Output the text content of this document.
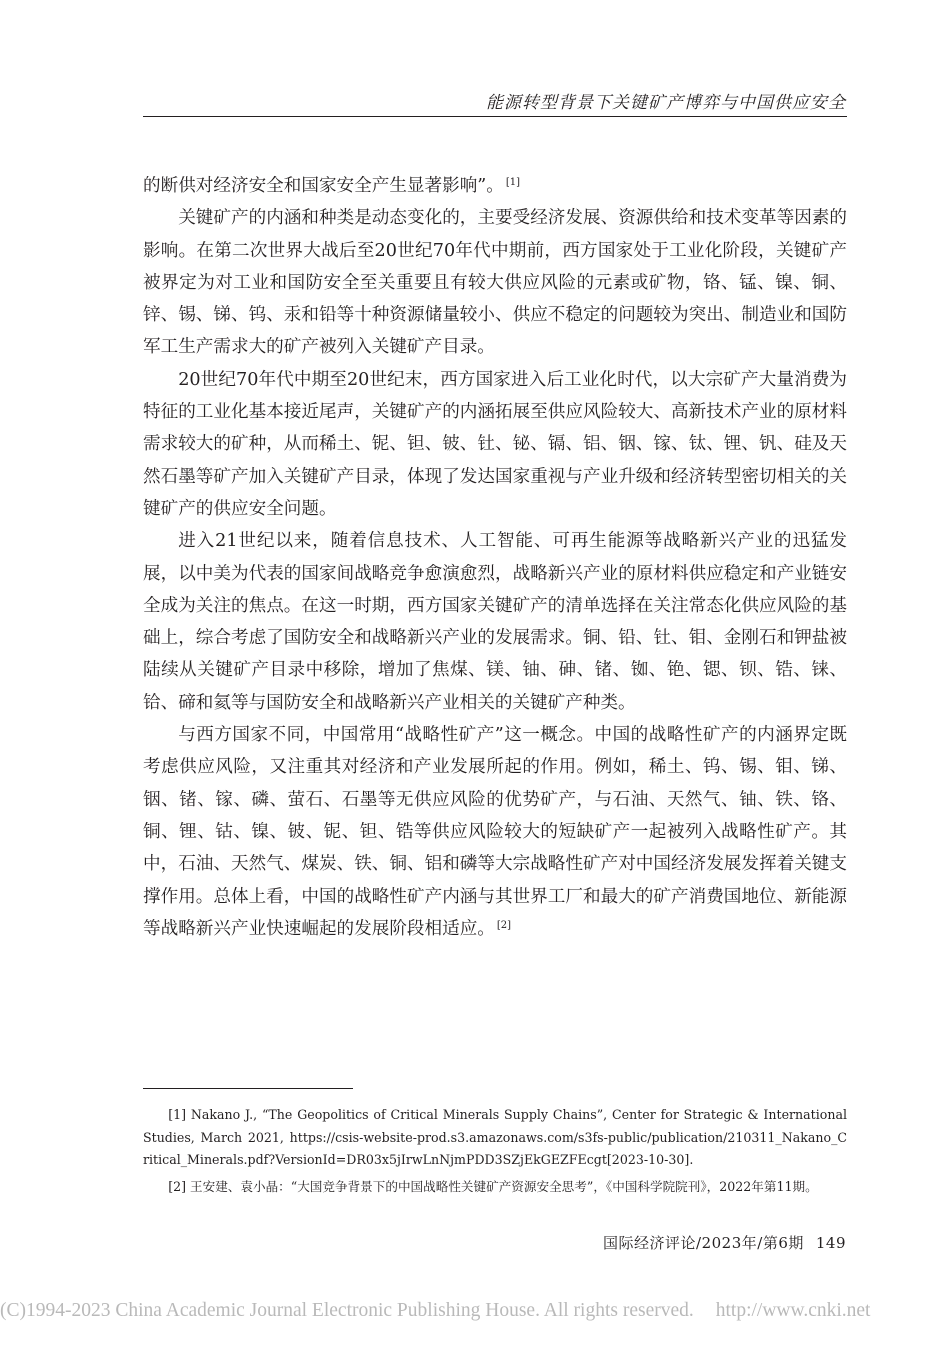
能源转型背景下关键矿产博弈与中国供应安全

的断供对经济安全和国家安全产生显著影响”。 [1]

关键矿产的内涵和种类是动态变化的，主要受经济发展、资源供给和技术变革等因素的影响。在第二次世界大战后至20世纪70年代中期前，西方国家处于工业化阶段，关键矿产被界定为对工业和国防安全至关重要且有较大供应风险的元素或矿物，铬、锰、镍、铜、锌、锡、锑、钨、汞和铅等十种资源储量较小、供应不稳定的问题较为突出、制造业和国防军工生产需求大的矿产被列入关键矿产目录。

20世纪70年代中期至20世纪末，西方国家进入后工业化时代，以大宗矿产大量消费为特征的工业化基本接近尾声，关键矿产的内涵拓展至供应风险较大、高新技术产业的原材料需求较大的矿种，从而稀土、铌、钽、铍、钍、铋、镉、铝、铟、镓、钛、锂、钒、硅及天然石墨等矿产加入关键矿产目录，体现了发达国家重视与产业升级和经济转型密切相关的关键矿产的供应安全问题。

进入21世纪以来，随着信息技术、人工智能、可再生能源等战略新兴产业的迅猛发展，以中美为代表的国家间战略竞争愈演愈烈，战略新兴产业的原材料供应稳定和产业链安全成为关注的焦点。在这一时期，西方国家关键矿产的清单选择在关注常态化供应风险的基础上，综合考虑了国防安全和战略新兴产业的发展需求。铜、铅、钍、钼、金刚石和钾盐被陆续从关键矿产目录中移除，增加了焦煤、镁、铀、砷、锗、铷、铯、锶、钡、锆、铼、铪、碲和氦等与国防安全和战略新兴产业相关的关键矿产种类。

与西方国家不同，中国常用“战略性矿产”这一概念。中国的战略性矿产的内涵界定既考虑供应风险，又注重其对经济和产业发展所起的作用。例如，稀土、钨、锡、钼、锑、铟、锗、镓、磷、萤石、石墨等无供应风险的优势矿产，与石油、天然气、铀、铁、铬、铜、锂、钴、镍、铍、铌、钽、锆等供应风险较大的短缺矿产一起被列入战略性矿产。其中，石油、天然气、煤炭、铁、铜、铝和磷等大宗战略性矿产对中国经济发展发挥着关键支撑作用。总体上看，中国的战略性矿产内涵与其世界工厂和最大的矿产消费国地位、新能源等战略新兴产业快速崛起的发展阶段相适应。 [2]

[1] Nakano J., “The Geopolitics of Critical Minerals Supply Chains”, Center for Strategic & International Studies, March 2021, https://csis-website-prod.s3.amazonaws.com/s3fs-public/publication/210311_Nakano_Critical_Minerals.pdf?VersionId=DR03x5jIrwLnNjmPDD3SZjEkGEZFEcgt[2023-10-30].

[2] 王安建、袁小晶：“大国竞争背景下的中国战略性关键矿产资源安全思考”，《中国科学院院刊》，2022年第11期。

国际经济评论/2023年/第6期 149
(C)1994-2023 China Academic Journal Electronic Publishing House. All rights reserved. http://www.cnki.net
